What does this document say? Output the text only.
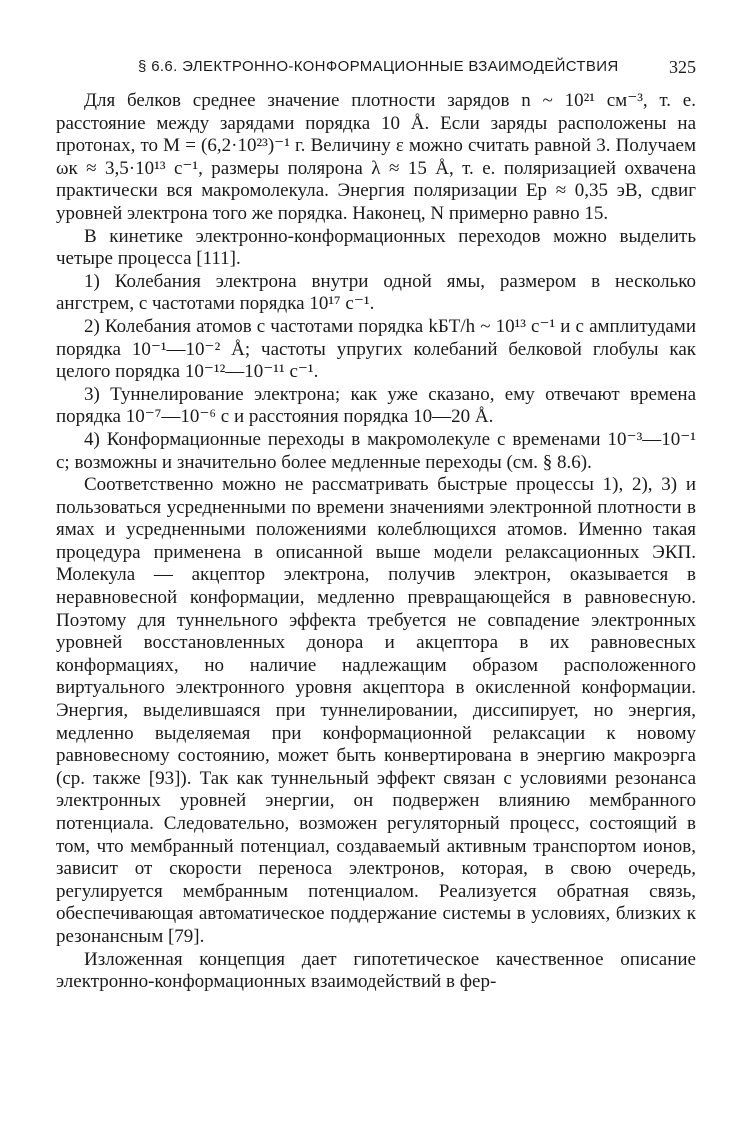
§ 6.6. ЭЛЕКТРОННО-КОНФОРМАЦИОННЫЕ ВЗАИМОДЕЙСТВИЯ	325

Для белков среднее значение плотности зарядов n ~ 10²¹ см⁻³, т. е. расстояние между зарядами порядка 10 Å. Если заряды расположены на протонах, то M = (6,2·10²³)⁻¹ г. Величину ε можно считать равной 3. Получаем ωк ≈ 3,5·10¹³ с⁻¹, размеры полярона λ ≈ 15 Å, т. е. поляризацией охвачена практически вся макромолекула. Энергия поляризации Ep ≈ 0,35 эВ, сдвиг уровней электрона того же порядка. Наконец, N примерно равно 15.

В кинетике электронно-конформационных переходов можно выделить четыре процесса [111].

1) Колебания электрона внутри одной ямы, размером в несколько ангстрем, с частотами порядка 10¹⁷ с⁻¹.

2) Колебания атомов с частотами порядка kБT/h ~ 10¹³ с⁻¹ и с амплитудами порядка 10⁻¹—10⁻² Å; частоты упругих колебаний белковой глобулы как целого порядка 10⁻¹²—10⁻¹¹ с⁻¹.

3) Туннелирование электрона; как уже сказано, ему отвечают времена порядка 10⁻⁷—10⁻⁶ с и расстояния порядка 10—20 Å.

4) Конформационные переходы в макромолекуле с временами 10⁻³—10⁻¹ с; возможны и значительно более медленные переходы (см. § 8.6).

Соответственно можно не рассматривать быстрые процессы 1), 2), 3) и пользоваться усредненными по времени значениями электронной плотности в ямах и усредненными положениями колеблющихся атомов. Именно такая процедура применена в описанной выше модели релаксационных ЭКП. Молекула — акцептор электрона, получив электрон, оказывается в неравновесной конформации, медленно превращающейся в равновесную. Поэтому для туннельного эффекта требуется не совпадение электронных уровней восстановленных донора и акцептора в их равновесных конформациях, но наличие надлежащим образом расположенного виртуального электронного уровня акцептора в окисленной конформации. Энергия, выделившаяся при туннелировании, диссипирует, но энергия, медленно выделяемая при конформационной релаксации к новому равновесному состоянию, может быть конвертирована в энергию макроэрга (ср. также [93]). Так как туннельный эффект связан с условиями резонанса электронных уровней энергии, он подвержен влиянию мембранного потенциала. Следовательно, возможен регуляторный процесс, состоящий в том, что мембранный потенциал, создаваемый активным транспортом ионов, зависит от скорости переноса электронов, которая, в свою очередь, регулируется мембранным потенциалом. Реализуется обратная связь, обеспечивающая автоматическое поддержание системы в условиях, близких к резонансным [79].

Изложенная концепция дает гипотетическое качественное описание электронно-конформационных взаимодействий в фер-
